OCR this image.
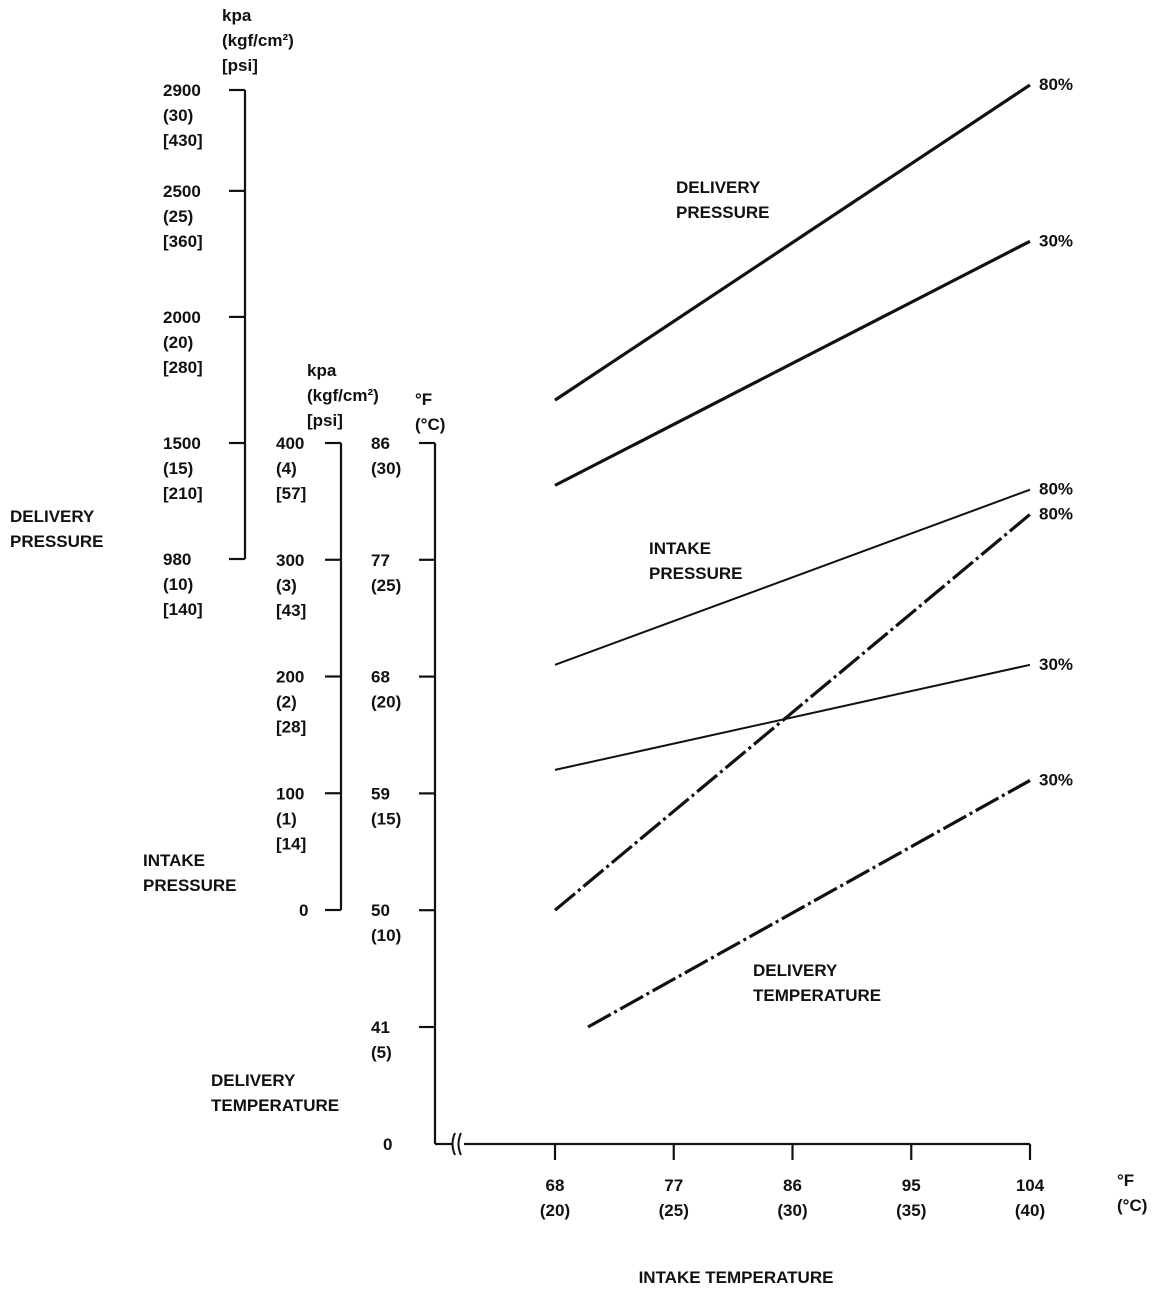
kpa (kgf/cm²) [psi]
2900 (30) [430]
2500 (25) [360]
2000 (20) [280]
1500 (15) [210]
980 (10) [140]
DELIVERY PRESSURE
kpa (kgf/cm²) [psi]
400 (4) [57]
300 (3) [43]
200 (2) [28]
100 (1) [14]
0
INTAKE PRESSURE
°F (°C)
86 (30)
77 (25)
68 (20)
59 (15)
50 (10)
41 (5)
0
DELIVERY TEMPERATURE
68 (20)
77 (25)
86 (30)
95 (35)
104 (40)
°F (°C)
INTAKE TEMPERATURE
80%
30%
80%
30%
80%
30%
DELIVERY PRESSURE
INTAKE PRESSURE
DELIVERY TEMPERATURE
